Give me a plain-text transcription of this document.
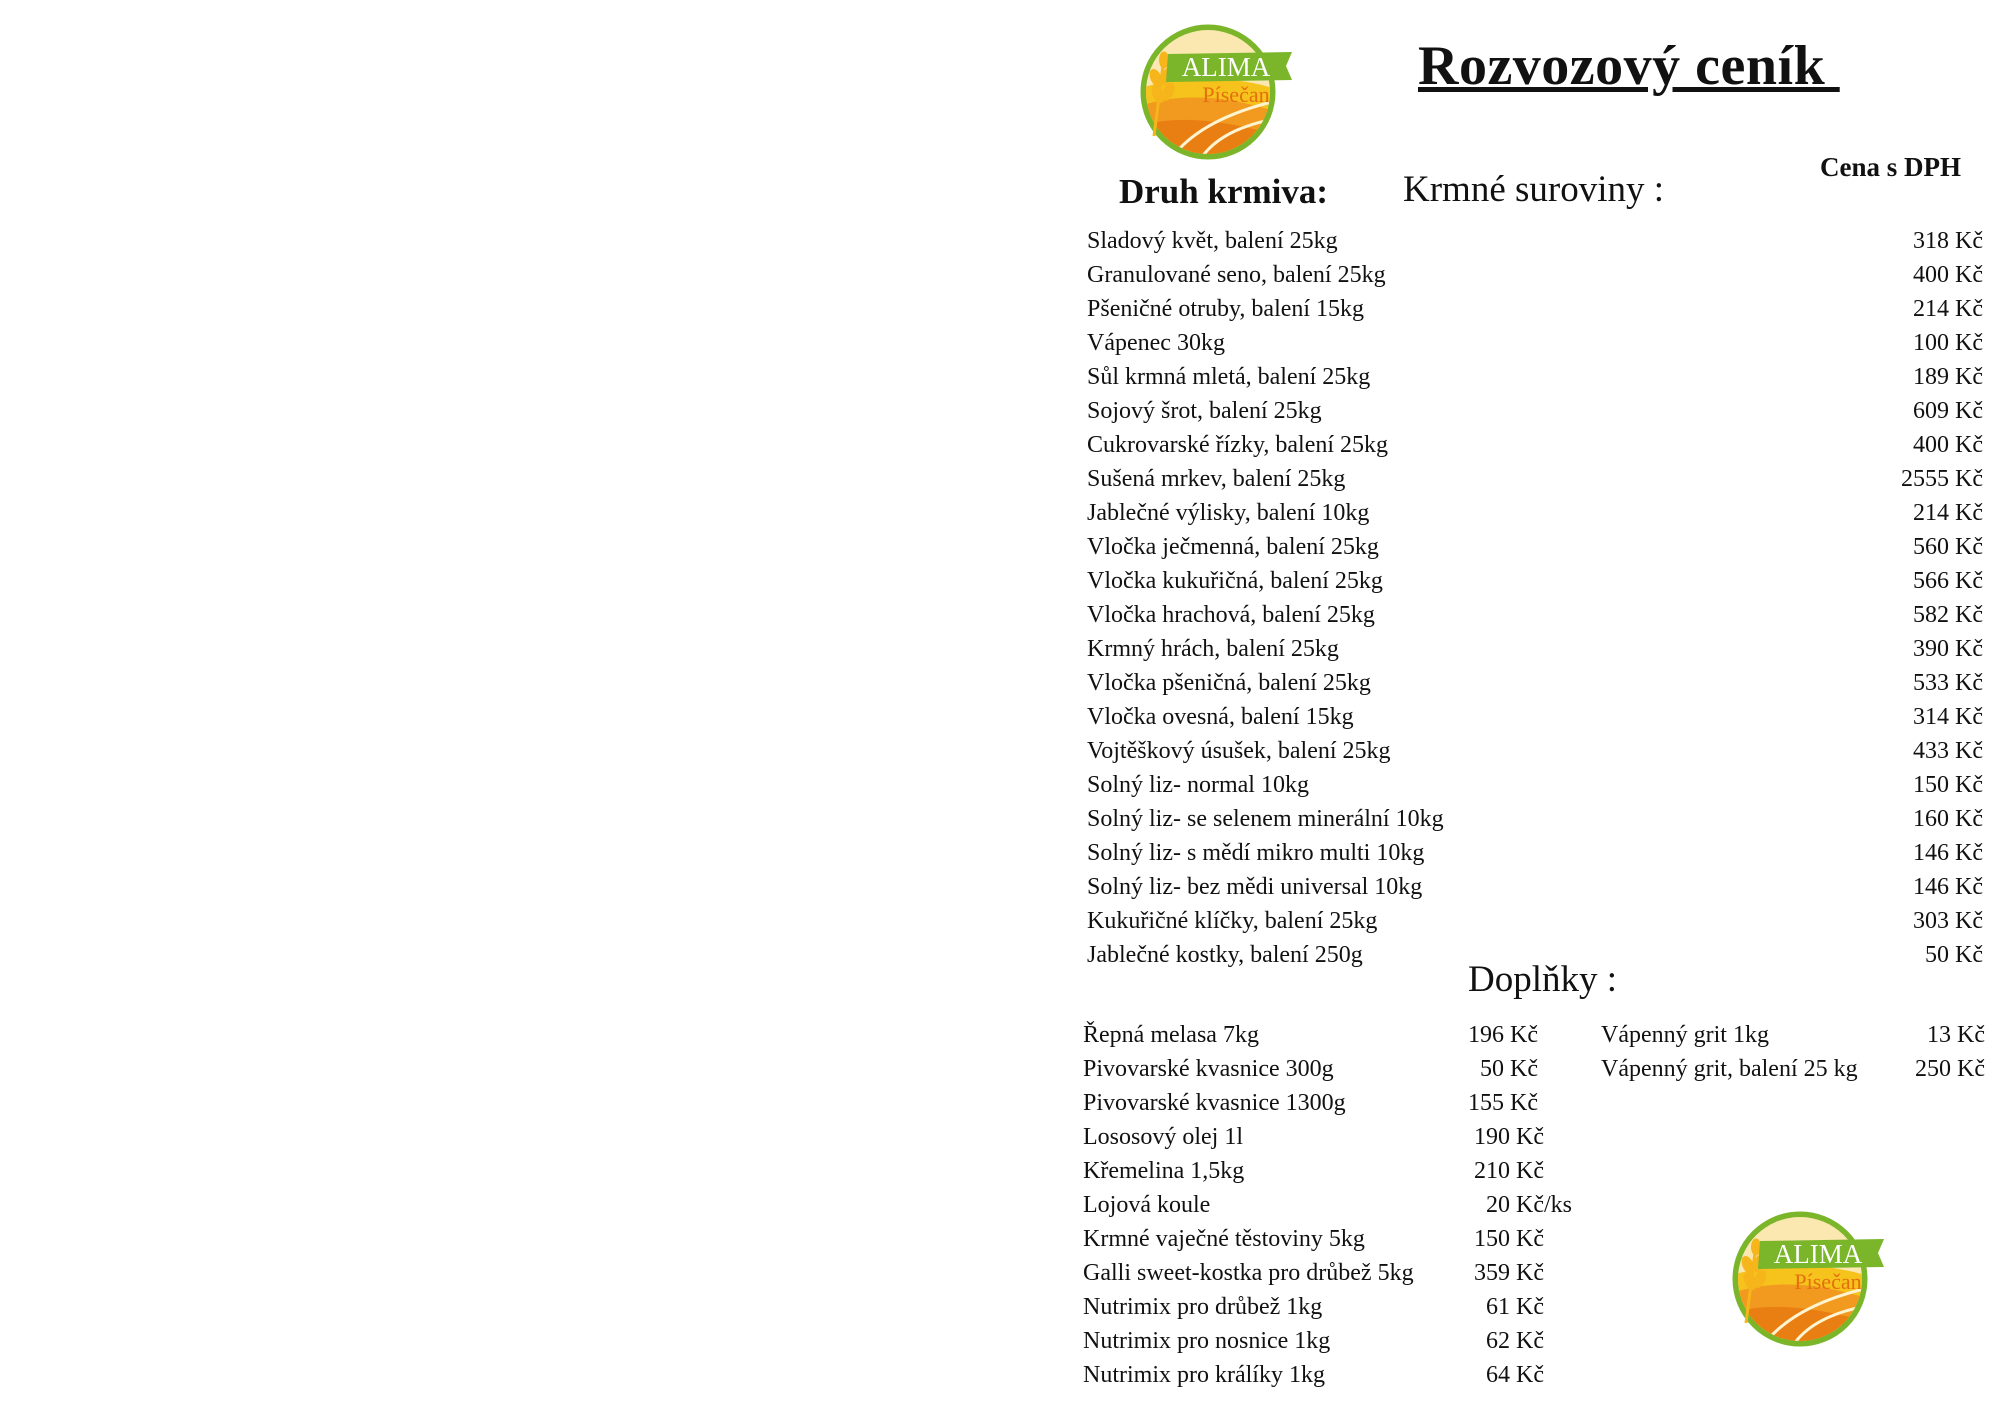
ALIMA
Písečan	Rozvozový ceník
Cena s DPH
Druh krmiva: Krmné suroviny :
Sladový květ, balení 25kg	318 Kč
Granulované seno, balení 25kg	400 Kč
Pšeničné otruby, balení 15kg	214 Kč
Vápenec 30kg	100 Kč
Sůl krmná mletá, balení 25kg	189 Kč
Sojový šrot, balení 25kg	609 Kč
Cukrovarské řízky, balení 25kg	400 Kč
Sušená mrkev, balení 25kg	2555 Kč
Jablečné výlisky, balení 10kg	214 Kč
Vločka ječmenná, balení 25kg	560 Kč
Vločka kukuřičná, balení 25kg	566 Kč
Vločka hrachová, balení 25kg	582 Kč
Krmný hrách, balení 25kg	390 Kč
Vločka pšeničná, balení 25kg	533 Kč
Vločka ovesná, balení 15kg	314 Kč
Vojtěškový úsušek, balení 25kg	433 Kč
Solný liz- normal 10kg	150 Kč
Solný liz- se selenem minerální 10kg	160 Kč
Solný liz- s mědí mikro multi 10kg	146 Kč
Solný liz- bez mědi universal 10kg	146 Kč
Kukuřičné klíčky, balení 25kg	303 Kč
Jablečné kostky, balení 250g	50 Kč
Doplňky :
Řepná melasa 7kg	196 Kč
Pivovarské kvasnice 300g	50 Kč
Pivovarské kvasnice 1300g	155 Kč
Lososový olej 1l	190 Kč
Křemelina 1,5kg	210 Kč
Lojová koule	20 Kč/ks
Krmné vaječné těstoviny 5kg	150 Kč
Galli sweet-kostka pro drůbež 5kg 359 Kč
Nutrimix pro drůbež 1kg	61 Kč
Nutrimix pro nosnice 1kg	62 Kč
Nutrimix pro králíky 1kg	64 Kč
Vápenný grit 1kg	13 Kč
Vápenný grit, balení 25 kg 250 Kč
ALIMA
Písečan
